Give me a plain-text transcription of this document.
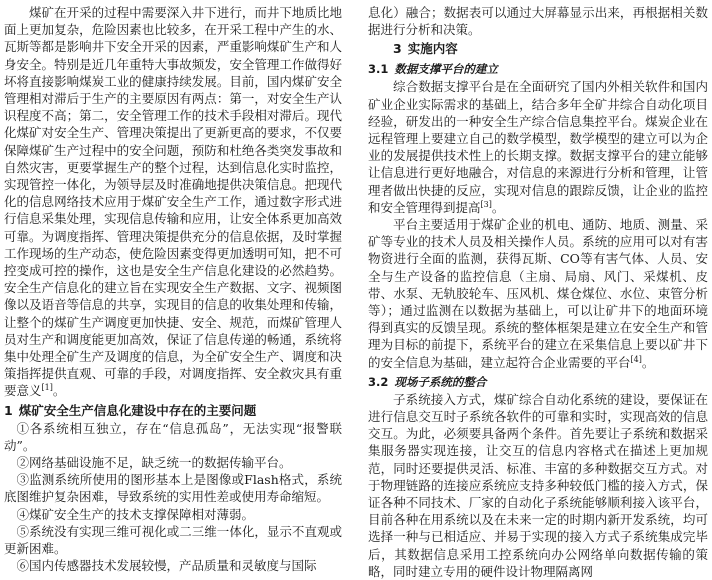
煤矿在开采的过程中需要深入井下进行，而井下地质比地面上更加复杂，危险因素也比较多，在开采工程中产生的水、瓦斯等都是影响井下安全开采的因素，严重影响煤矿生产和人身安全。特别是近几年重特大事故频发，安全管理工作做得好坏将直接影响煤炭工业的健康持续发展。目前，国内煤矿安全管理相对滞后于生产的主要原因有两点：第一，对安全生产认识程度不高；第二，安全管理工作的技术手段相对滞后。现代化煤矿对安全生产、管理决策提出了更新更高的要求，不仅要保障煤矿生产过程中的安全问题，预防和杜绝各类突发事故和自然灾害，更要掌握生产的整个过程，达到信息化实时监控，实现管控一体化，为领导层及时准确地提供决策信息。把现代化的信息网络技术应用于煤矿安全生产工作，通过数字形式进行信息采集处理，实现信息传输和应用，让安全体系更加高效可靠。为调度指挥、管理决策提供充分的信息依据，及时掌握工作现场的生产动态，使危险因素变得更加透明可知，把不可控变成可控的操作，这也是安全生产信息化建设的必然趋势。安全生产信息化的建立旨在实现安全生产数据、文字、视频图像以及语音等信息的共享，实现目的信息的收集处理和传输，让整个的煤矿生产调度更加快捷、安全、规范，而煤矿管理人员对生产和调度能更加高效，保证了信息传递的畅通，系统将集中处理全矿生产及调度的信息，为全矿安全生产、调度和决策指挥提供直观、可靠的手段，对调度指挥、安全救灾具有重要意义[1]。

1 煤矿安全生产信息化建设中存在的主要问题

①各系统相互独立，存在“信息孤岛”，无法实现“报警联动”。

②网络基础设施不足，缺乏统一的数据传输平台。

③监测系统所使用的图形基本上是图像或Flash格式，系统底图维护复杂困难，导致系统的实用性差或使用寿命缩短。

④煤矿安全生产的技术支撑保障相对薄弱。

⑤系统没有实现三维可视化或二三维一体化，显示不直观或更新困难。

⑥国内传感器技术发展较慢，产品质量和灵敏度与国际

息化）融合；数据表可以通过大屏幕显示出来，再根据相关数据进行分析和决策。

3 实施内容
3.1 数据支撑平台的建立

综合数据支撑平台是在全面研究了国内外相关软件和国内矿业企业实际需求的基础上，结合多年全矿井综合自动化项目经验，研发出的一种安全生产综合信息集控平台。煤炭企业在远程管理上要建立自己的数学模型，数学模型的建立可以为企业的发展提供技术性上的长期支撑。数据支撑平台的建立能够让信息进行更好地融合，对信息的来源进行分析和管理，让管理者做出快捷的反应，实现对信息的跟踪反馈，让企业的监控和安全管理得到提高[3]。

平台主要适用于煤矿企业的机电、通防、地质、测量、采矿等专业的技术人员及相关操作人员。系统的应用可以对有害物资进行全面的监测，获得瓦斯、CO等有害气体、人员、安全与生产设备的监控信息（主扇、局扇、风门、采煤机、皮带、水泵、无轨胶轮车、压风机、煤仓煤位、水位、束管分析等）；通过监测在以数据为基础上，可以让矿井下的地面环境得到真实的反馈呈现。系统的整体框架是建立在安全生产和管理为目标的前提下，系统平台的建立在采集信息上要以矿井下的安全信息为基础，建立起符合企业需要的平台[4]。

3.2 现场子系统的整合

子系统接入方式，煤矿综合自动化系统的建设，要保证在进行信息交互时子系统各软件的可靠和实时，实现高效的信息交互。为此，必须要具备两个条件。首先要让子系统和数据采集服务器实现连接，让交互的信息内容格式在描述上更加规范，同时还要提供灵活、标准、丰富的多种数据交互方式。对于物理链路的连接应系统应支持多种较低门槛的接入方式，保证各种不同技术、厂家的自动化子系统能够顺利接入该平台，目前各种在用系统以及在未来一定的时期内新开发系统，均可选择一种与已相适应、并易于实现的接入方式子系统集成完毕后，其数据信息采用工控系统向办公网络单向数据传输的策略，同时建立专用的硬件设计物理隔离网
